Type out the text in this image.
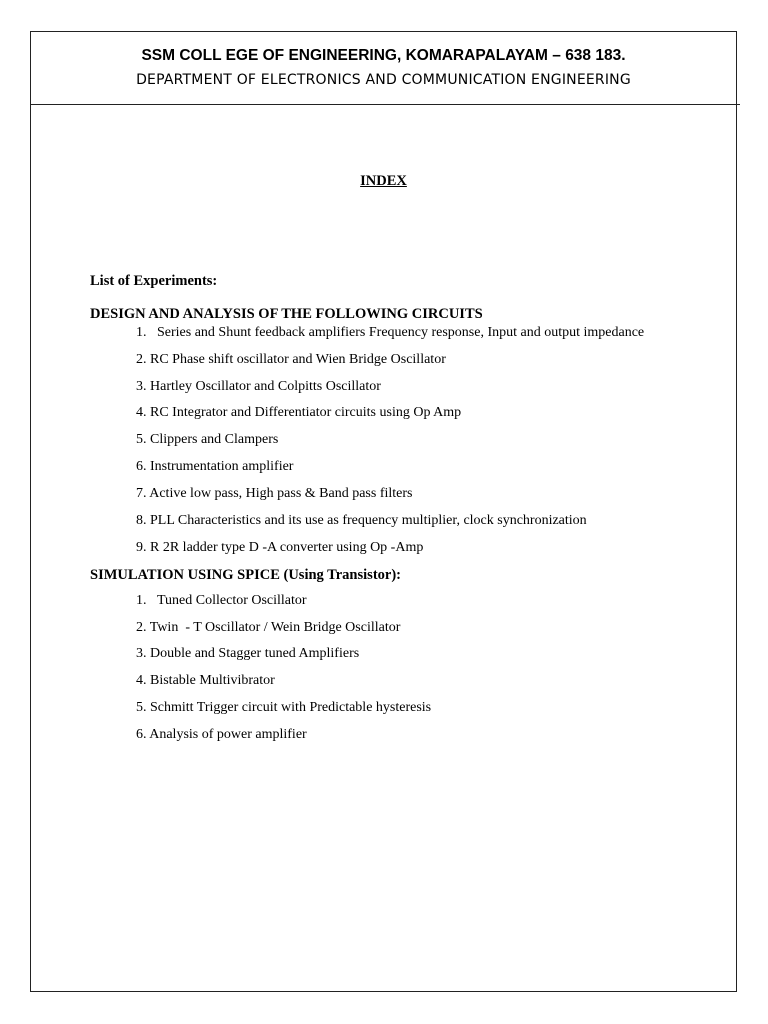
SSM COLL EGE OF ENGINEERING, KOMARAPALAYAM – 638 183.
DEPARTMENT OF ELECTRONICS AND COMMUNICATION ENGINEERING
INDEX
List of Experiments:
DESIGN AND ANALYSIS OF THE FOLLOWING CIRCUITS
1. Series and Shunt feedback amplifiers Frequency response, Input and output impedance
2. RC Phase shift oscillator and Wien Bridge Oscillator
3. Hartley Oscillator and Colpitts Oscillator
4. RC Integrator and Differentiator circuits using Op Amp
5. Clippers and Clampers
6. Instrumentation amplifier
7. Active low pass, High pass & Band pass filters
8. PLL Characteristics and its use as frequency multiplier, clock synchronization
9. R 2R ladder type D -A converter using Op -Amp
SIMULATION USING SPICE (Using Transistor):
1. Tuned Collector Oscillator
2. Twin  - T Oscillator / Wein Bridge Oscillator
3. Double and Stagger tuned Amplifiers
4. Bistable Multivibrator
5. Schmitt Trigger circuit with Predictable hysteresis
6. Analysis of power amplifier
